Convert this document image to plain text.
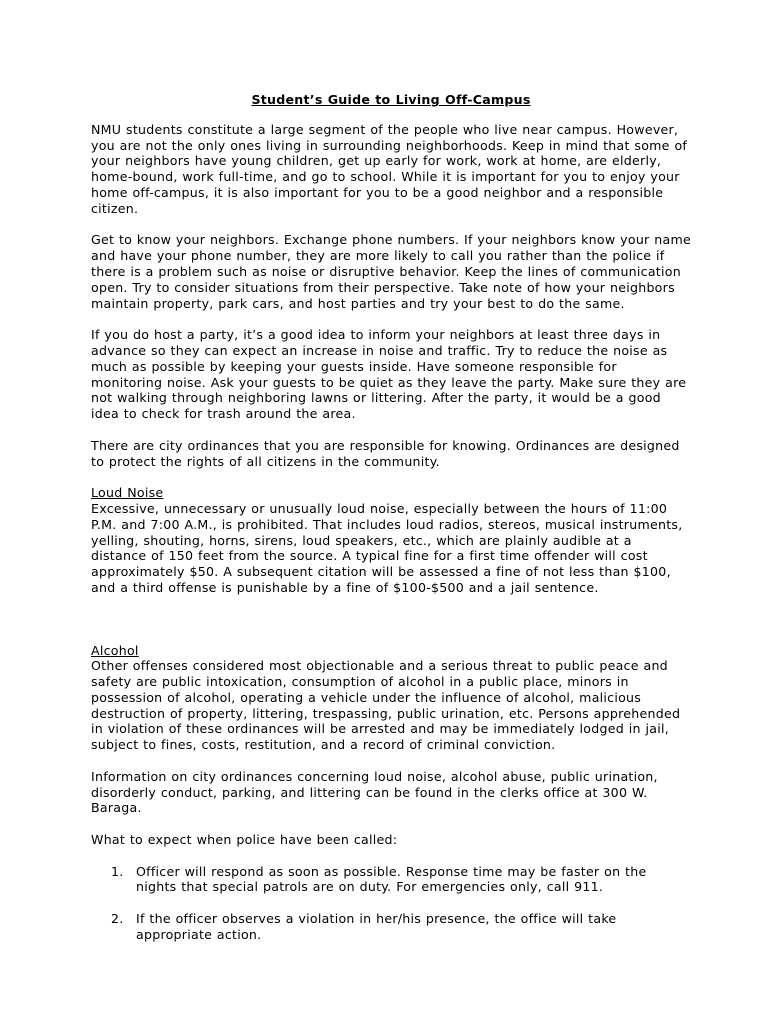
Student’s Guide to Living Off-Campus

NMU students constitute a large segment of the people who live near campus. However, you are not the only ones living in surrounding neighborhoods. Keep in mind that some of your neighbors have young children, get up early for work, work at home, are elderly, home-bound, work full-time, and go to school. While it is important for you to enjoy your home off-campus, it is also important for you to be a good neighbor and a responsible citizen.

Get to know your neighbors. Exchange phone numbers. If your neighbors know your name and have your phone number, they are more likely to call you rather than the police if there is a problem such as noise or disruptive behavior. Keep the lines of communication open. Try to consider situations from their perspective. Take note of how your neighbors maintain property, park cars, and host parties and try your best to do the same.

If you do host a party, it’s a good idea to inform your neighbors at least three days in advance so they can expect an increase in noise and traffic. Try to reduce the noise as much as possible by keeping your guests inside. Have someone responsible for monitoring noise. Ask your guests to be quiet as they leave the party. Make sure they are not walking through neighboring lawns or littering. After the party, it would be a good idea to check for trash around the area.

There are city ordinances that you are responsible for knowing. Ordinances are designed to protect the rights of all citizens in the community.

Loud Noise
Excessive, unnecessary or unusually loud noise, especially between the hours of 11:00 P.M. and 7:00 A.M., is prohibited. That includes loud radios, stereos, musical instruments, yelling, shouting, horns, sirens, loud speakers, etc., which are plainly audible at a distance of 150 feet from the source. A typical fine for a first time offender will cost approximately $50. A subsequent citation will be assessed a fine of not less than $100, and a third offense is punishable by a fine of $100-$500 and a jail sentence.

Alcohol
Other offenses considered most objectionable and a serious threat to public peace and safety are public intoxication, consumption of alcohol in a public place, minors in possession of alcohol, operating a vehicle under the influence of alcohol, malicious destruction of property, littering, trespassing, public urination, etc. Persons apprehended in violation of these ordinances will be arrested and may be immediately lodged in jail, subject to fines, costs, restitution, and a record of criminal conviction.

Information on city ordinances concerning loud noise, alcohol abuse, public urination, disorderly conduct, parking, and littering can be found in the clerks office at 300 W. Baraga.

What to expect when police have been called:

1. Officer will respond as soon as possible. Response time may be faster on the nights that special patrols are on duty. For emergencies only, call 911.
2. If the officer observes a violation in her/his presence, the office will take appropriate action.
